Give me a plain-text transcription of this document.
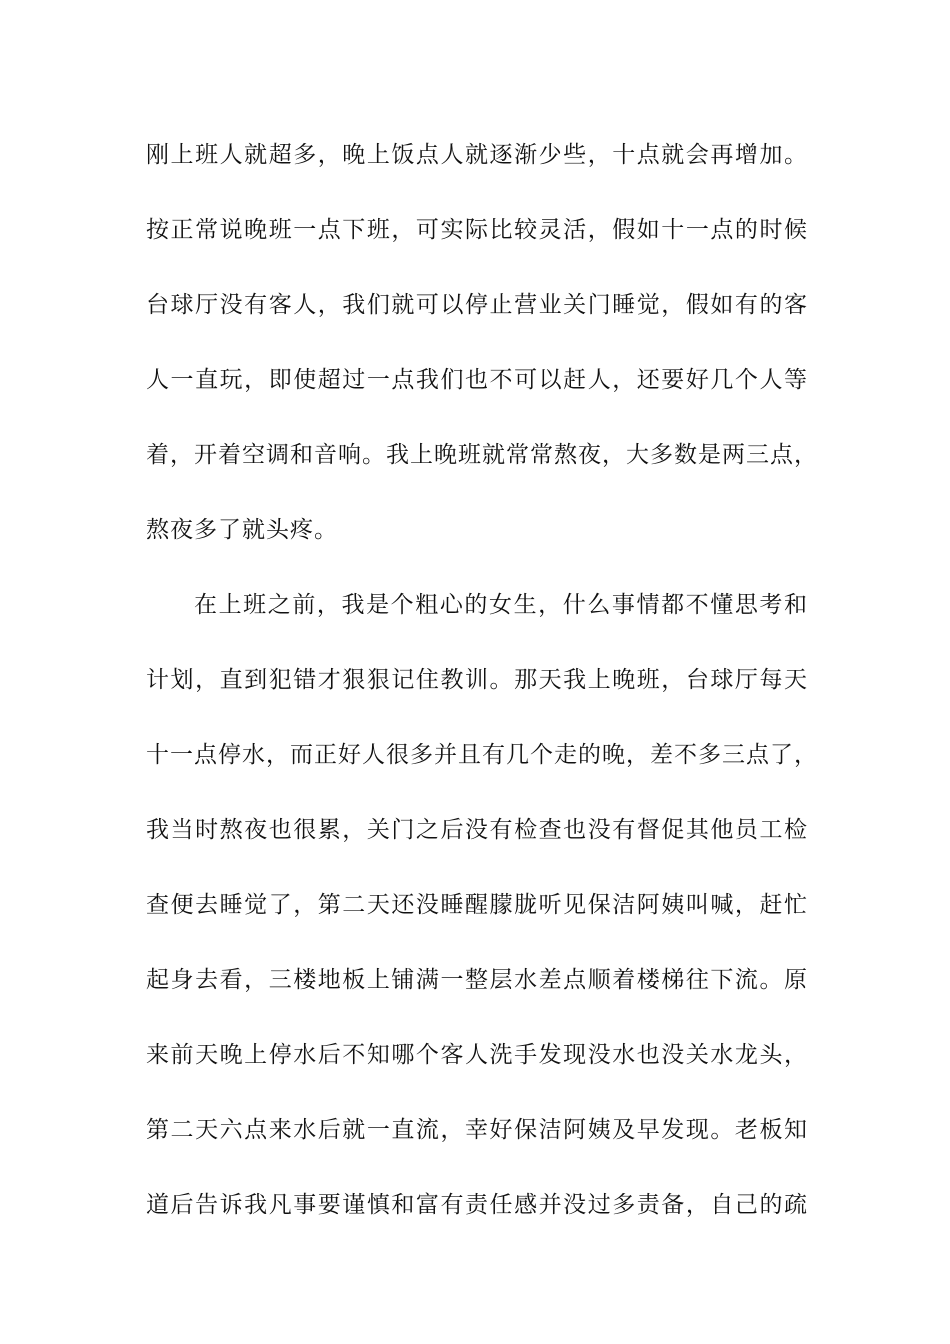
刚上班人就超多，晚上饭点人就逐渐少些，十点就会再增加。
按正常说晚班一点下班，可实际比较灵活，假如十一点的时候
台球厅没有客人，我们就可以停止营业关门睡觉，假如有的客
人一直玩，即使超过一点我们也不可以赶人，还要好几个人等
着，开着空调和音响。我上晚班就常常熬夜，大多数是两三点，
熬夜多了就头疼。
在上班之前，我是个粗心的女生，什么事情都不懂思考和
计划，直到犯错才狠狠记住教训。那天我上晚班，台球厅每天
十一点停水，而正好人很多并且有几个走的晚，差不多三点了，
我当时熬夜也很累，关门之后没有检查也没有督促其他员工检
查便去睡觉了，第二天还没睡醒朦胧听见保洁阿姨叫喊，赶忙
起身去看，三楼地板上铺满一整层水差点顺着楼梯往下流。原
来前天晚上停水后不知哪个客人洗手发现没水也没关水龙头，
第二天六点来水后就一直流，幸好保洁阿姨及早发现。老板知
道后告诉我凡事要谨慎和富有责任感并没过多责备，自己的疏
